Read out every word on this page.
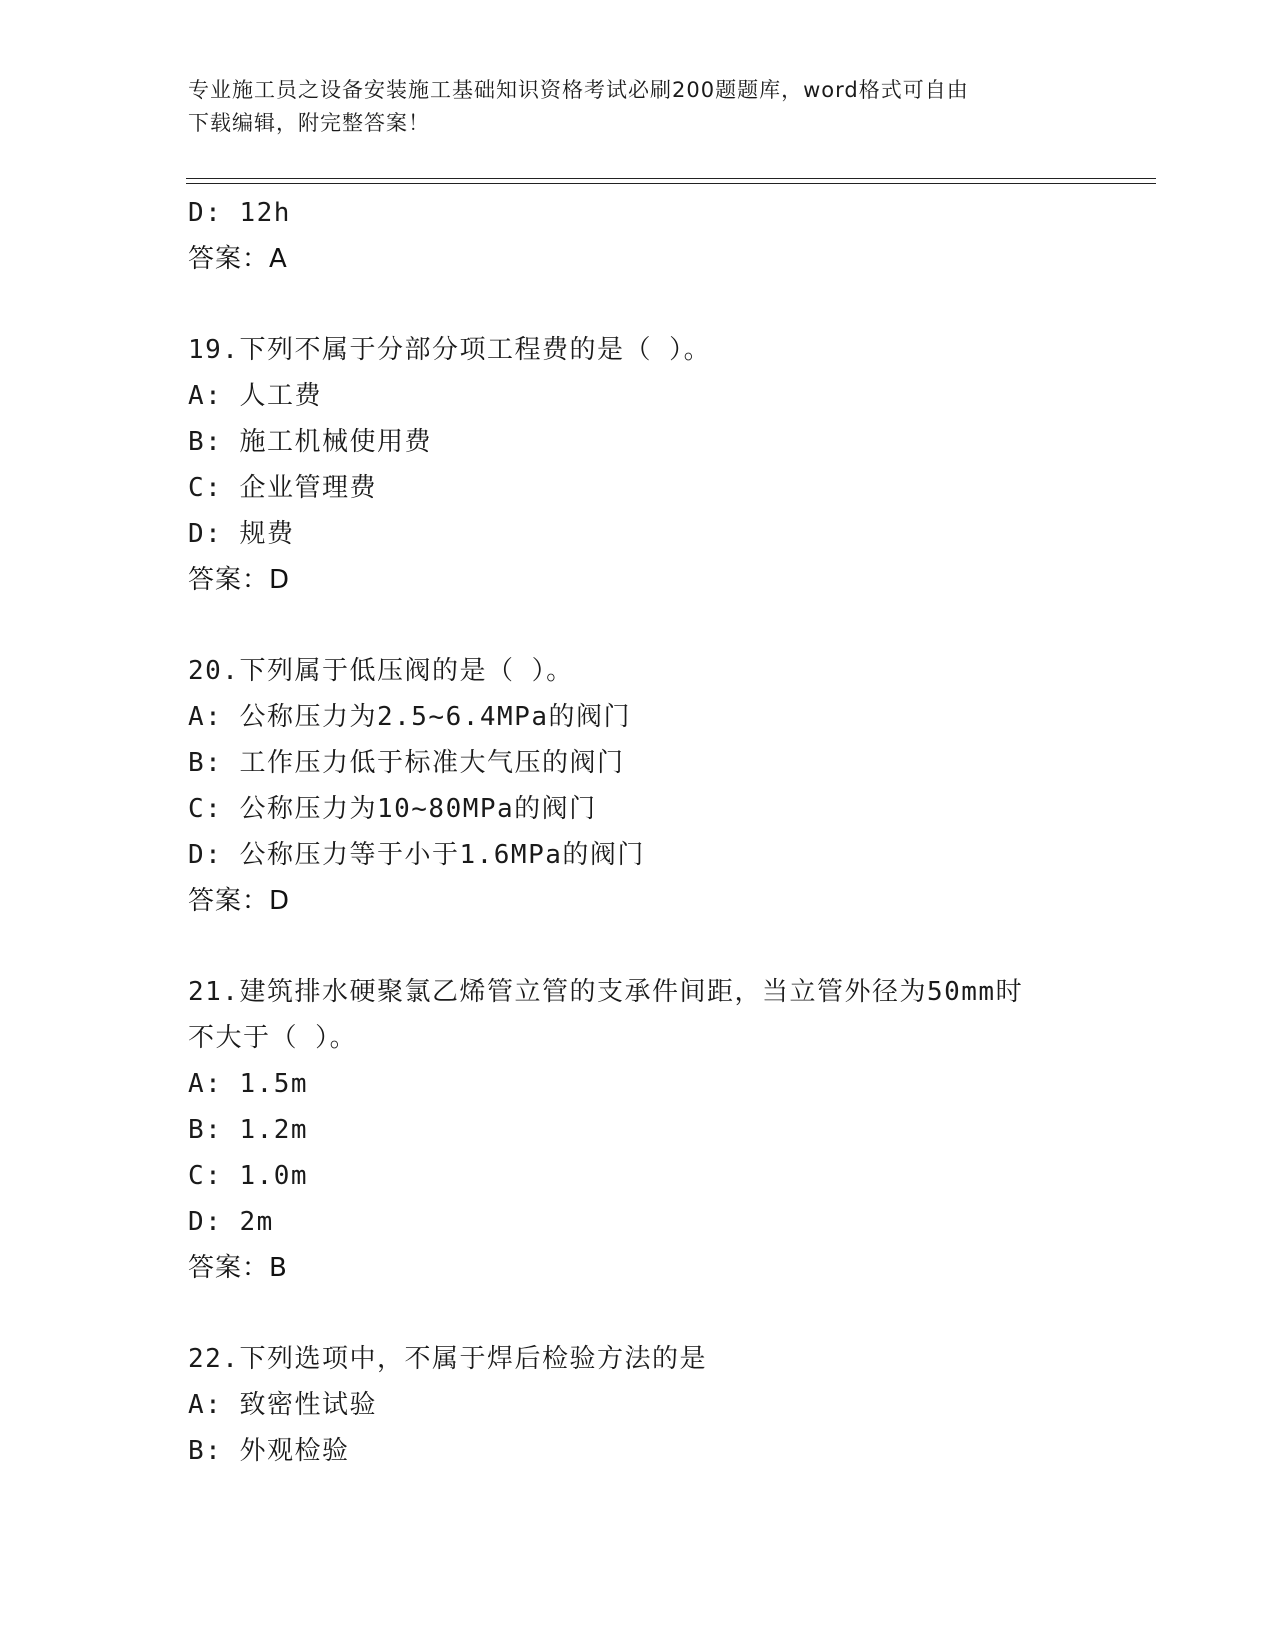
专业施工员之设备安装施工基础知识资格考试必刷200题题库，word格式可自由
下载编辑，附完整答案！
D: 12h
答案：A
19.下列不属于分部分项工程费的是（ ）。
A: 人工费
B: 施工机械使用费
C: 企业管理费
D: 规费
答案：D
20.下列属于低压阀的是（ ）。
A: 公称压力为2.5~6.4MPa的阀门
B: 工作压力低于标准大气压的阀门
C: 公称压力为10~80MPa的阀门
D: 公称压力等于小于1.6MPa的阀门
答案：D
21.建筑排水硬聚氯乙烯管立管的支承件间距，当立管外径为50mm时
不大于（ ）。
A: 1.5m
B: 1.2m
C: 1.0m
D: 2m
答案：B
22.下列选项中，不属于焊后检验方法的是
A: 致密性试验
B: 外观检验
